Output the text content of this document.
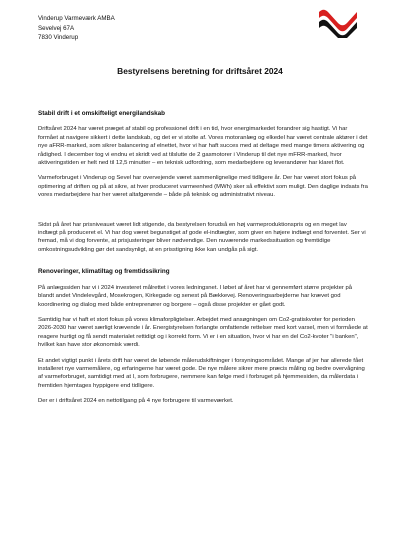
Vinderup Varmeværk AMBA
Sevelvej 67A
7830 Vinderup
Bestyrelsens beretning for driftsåret 2024
Stabil drift i et omskifteligt energilandskab

Driftsåret 2024 har været præget af stabil og professionel drift i en tid, hvor energimarkedet forandrer sig hastigt. Vi har formået at navigere sikkert i dette landskab, og det er vi stolte af. Vores motoranlæg og elkedel har været centrale aktører i det nye aFRR-marked, som sikrer balancering af elnettet, hvor vi har haft succes med at deltage med mange timers aktivering og rådighed. I december tog vi endnu et skridt ved at tilslutte de 2 gasmotorer i Vinderup til det nye mFRR-marked, hvor aktiveringstiden er helt ned til 12,5 minutter – en teknisk udfordring, som medarbejdere og leverandører har klaret flot.

Varmeforbruget i Vinderup og Sevel har overvejende været sammenlignelige med tidligere år. Der har været stort fokus på optimering af driften og på at sikre, at hver produceret varmeenhed (MWh) sker så effektivt som muligt. Den daglige indsats fra vores medarbejdere har her været altafgørende – både på teknisk og administrativt niveau.

Sidst på året har prisniveauet været lidt stigende, da bestyrelsen forudså en høj varmeproduktionspris og en meget lav indtægt på produceret el. Vi har dog været begunstiget af gode el-indtægter, som giver en højere indtægt end forventet. Ser vi fremad, må vi dog forvente, at prisjusteringer bliver nødvendige. Den nuværende markedssituation og fremtidige omkostningsudvikling gør det sandsynligt, at en prisstigning ikke kan undgås på sigt.

Renoveringer, klimatiltag og fremtidssikring

På anlægssiden har vi i 2024 investeret målrettet i vores ledningsnet. I løbet af året har vi gennemført større projekter på blandt andet Vindelevgård, Mosekrogen, Kirkegade og senest på Bækkevej. Renoveringsarbejderne har krævet god koordinering og dialog med både entreprenører og borgere – også disse projekter er gået godt.

Samtidig har vi haft et stort fokus på vores klimaforpligtelser. Arbejdet med ansøgningen om Co2-gratiskvoter for perioden 2026-2030 har været særligt krævende i år. Energistyrelsen forlangte omfattende rettelser med kort varsel, men vi formåede at reagere hurtigt og få sendt materialet rettidigt og i korrekt form. Vi er i en situation, hvor vi har en del Co2-kvoter "i banken", hvilket kan have stor økonomisk værdi.

Et andet vigtigt punkt i årets drift har været de løbende målerudskiftninger i forsyningsområdet. Mange af jer har allerede fået installeret nye varmemålere, og erfaringerne har været gode. De nye målere sikrer mere præcis måling og bedre overvågning af varmeforbruget, samtidigt med at I, som forbrugere, nemmere kan følge med i forbruget på hjemmesiden, da målerdata i fremtiden hjemtages hyppigere end tidligere.

Der er i driftsåret 2024 en nettotilgang på 4 nye forbrugere til varmeværket.
